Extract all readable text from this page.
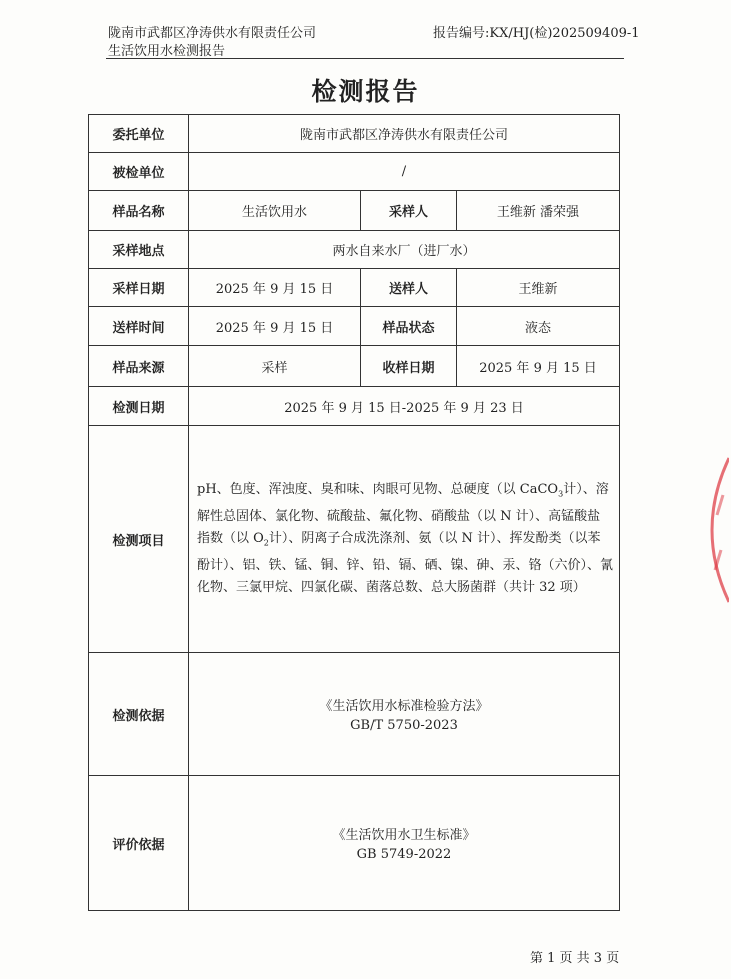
陇南市武都区净涛供水有限责任公司
生活饮用水检测报告
报告编号:KX/HJ(检)202509409-1
检测报告
委托单位	陇南市武都区净涛供水有限责任公司		
被检单位	/		
样品名称	生活饮用水	采样人	王维新 潘荣强
采样地点	两水自来水厂（进厂水）		
采样日期	2025 年 9 月 15 日	送样人	王维新
送样时间	2025 年 9 月 15 日	样品状态	液态
样品来源	采样	收样日期	2025 年 9 月 15 日
检测日期	2025 年 9 月 15 日-2025 年 9 月 23 日		
检测项目	pH、色度、浑浊度、臭和味、肉眼可见物、总硬度（以 CaCO$_3$计）、溶解性总固体、氯化物、硫酸盐、氟化物、硝酸盐（以 N 计）、高锰酸盐指数（以 $O_2$计）、阴离子合成洗涤剂、氨（以 N 计）、挥发酚类（以苯酚计）、铝、铁、锰、铜、锌、铅、镉、硒、镍、砷、汞、铬（六价）、氰化物、三氯甲烷、四氯化碳、菌落总数、总大肠菌群（共计 32 项）		
检测依据	《生活饮用水标准检验方法》
GB/T 5750-2023		

评价依据	《生活饮用水卫生标准》
GB 5749-2022		
第 1 页 共 3 页
